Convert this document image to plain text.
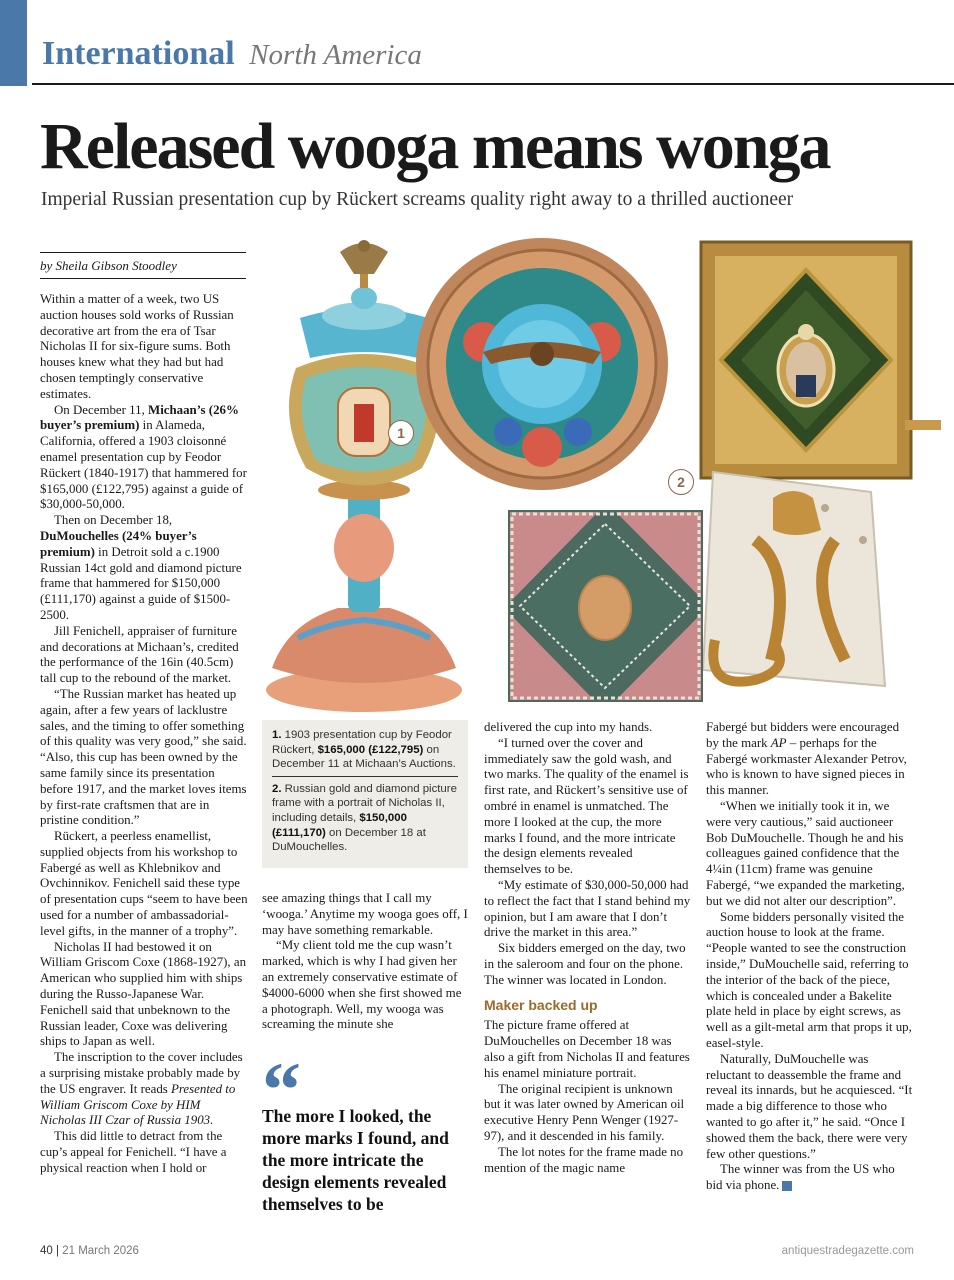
International North America
Released wooga means wonga
Imperial Russian presentation cup by Rückert screams quality right away to a thrilled auctioneer
by Sheila Gibson Stoodley

Within a matter of a week, two US auction houses sold works of Russian decorative art from the era of Tsar Nicholas II for six-figure sums. Both houses knew what they had but had chosen temptingly conservative estimates.

On December 11, Michaan’s (26% buyer’s premium) in Alameda, California, offered a 1903 cloisonné enamel presentation cup by Feodor Rückert (1840-1917) that hammered for $165,000 (£122,795) against a guide of $30,000-50,000.

Then on December 18, DuMouchelles (24% buyer’s premium) in Detroit sold a c.1900 Russian 14ct gold and diamond picture frame that hammered for $150,000 (£111,170) against a guide of $1500-2500.

Jill Fenichell, appraiser of furniture and decorations at Michaan’s, credited the performance of the 16in (40.5cm) tall cup to the rebound of the market.

“The Russian market has heated up again, after a few years of lacklustre sales, and the timing to offer something of this quality was very good,” she said. “Also, this cup has been owned by the same family since its presentation before 1917, and the market loves items by first-rate craftsmen that are in pristine condition.”

Rückert, a peerless enamellist, supplied objects from his workshop to Fabergé as well as Khlebnikov and Ovchinnikov. Fenichell said these type of presentation cups “seem to have been used for a number of ambassadorial-level gifts, in the manner of a trophy”.

Nicholas II had bestowed it on William Griscom Coxe (1868-1927), an American who supplied him with ships during the Russo-Japanese War. Fenichell said that unbeknown to the Russian leader, Coxe was delivering ships to Japan as well.

The inscription to the cover includes a surprising mistake probably made by the US engraver. It reads Presented to William Griscom Coxe by HIM Nicholas III Czar of Russia 1903.

This did little to detract from the cup’s appeal for Fenichell. “I have a physical reaction when I hold or

1
2
1. 1903 presentation cup by Feodor Rückert, $165,000 (£122,795) on December 11 at Michaan’s Auctions.
2. Russian gold and diamond picture frame with a portrait of Nicholas II, including details, $150,000 (£111,170) on December 18 at DuMouchelles.

see amazing things that I call my ‘wooga.’ Anytime my wooga goes off, I may have something remarkable.

“My client told me the cup wasn’t marked, which is why I had given her an extremely conservative estimate of $4000-6000 when she first showed me a photograph. Well, my wooga was screaming the minute she

“
The more I looked, the more marks I found, and the more intricate the design elements revealed themselves to be

delivered the cup into my hands.

“I turned over the cover and immediately saw the gold wash, and two marks. The quality of the enamel is first rate, and Rückert’s sensitive use of ombré in enamel is unmatched. The more I looked at the cup, the more marks I found, and the more intricate the design elements revealed themselves to be.

“My estimate of $30,000-50,000 had to reflect the fact that I stand behind my opinion, but I am aware that I don’t drive the market in this area.”

Six bidders emerged on the day, two in the saleroom and four on the phone. The winner was located in London.

Maker backed up

The picture frame offered at DuMouchelles on December 18 was also a gift from Nicholas II and features his enamel miniature portrait.

The original recipient is unknown but it was later owned by American oil executive Henry Penn Wenger (1927-97), and it descended in his family.

The lot notes for the frame made no mention of the magic name

Fabergé but bidders were encouraged by the mark AP – perhaps for the Fabergé workmaster Alexander Petrov, who is known to have signed pieces in this manner.

“When we initially took it in, we were very cautious,” said auctioneer Bob DuMouchelle. Though he and his colleagues gained confidence that the 4¼in (11cm) frame was genuine Fabergé, “we expanded the marketing, but we did not alter our description”.

Some bidders personally visited the auction house to look at the frame. “People wanted to see the construction inside,” DuMouchelle said, referring to the interior of the back of the piece, which is concealed under a Bakelite plate held in place by eight screws, as well as a gilt-metal arm that props it up, easel-style.

Naturally, DuMouchelle was reluctant to deassemble the frame and reveal its innards, but he acquiesced. “It made a big difference to those who wanted to go after it,” he said. “Once I showed them the back, there were very few other questions.”

The winner was from the US who bid via phone.

40 | 21 March 2026	antiquestradegazette.com
